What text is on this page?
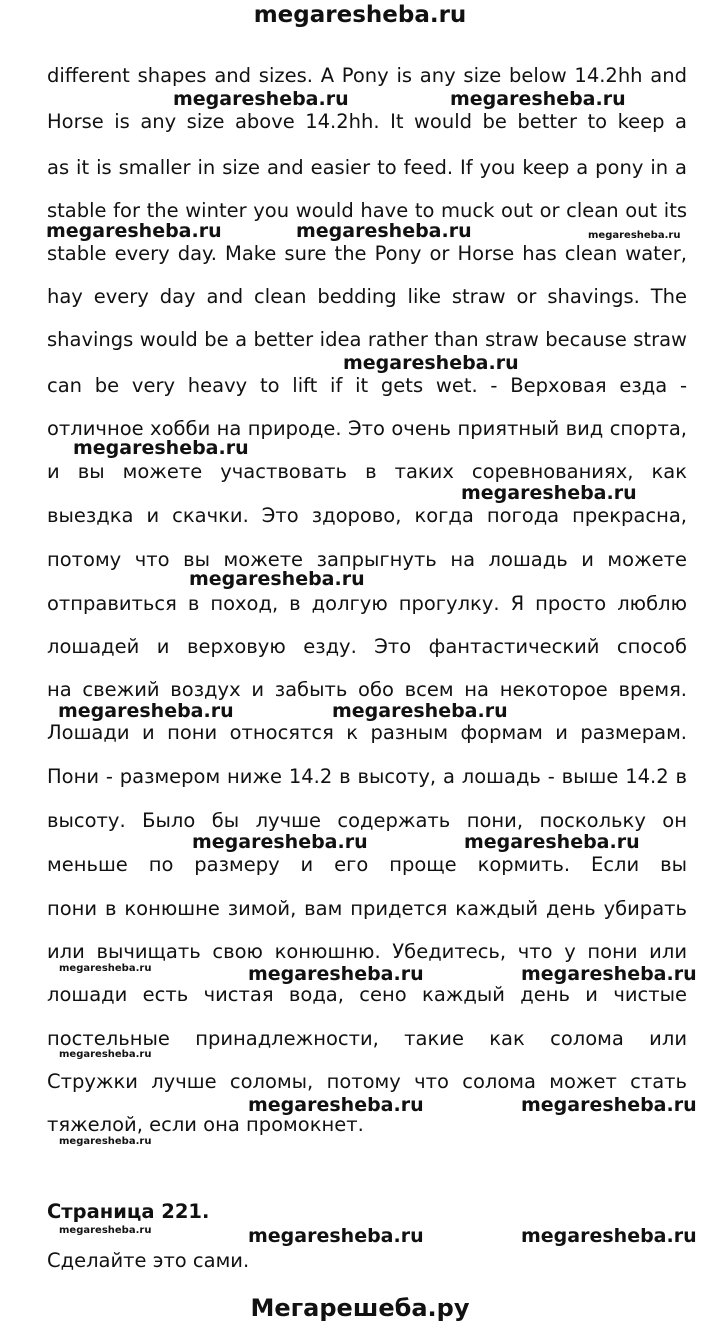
megaresheba.ru
different shapes and sizes. A Pony is any size below 14.2hh and
Horse is any size above 14.2hh. It would be better to keep a
as it is smaller in size and easier to feed. If you keep a pony in a
stable for the winter you would have to muck out or clean out its
stable every day. Make sure the Pony or Horse has clean water,
hay every day and clean bedding like straw or shavings. The
shavings would be a better idea rather than straw because straw
can be very heavy to lift if it gets wet. - Верховая езда -
отличное хобби на природе. Это очень приятный вид спорта,
и вы можете участвовать в таких соревнованиях, как
выездка и скачки. Это здорово, когда погода прекрасна,
потому что вы можете запрыгнуть на лошадь и можете
отправиться в поход, в долгую прогулку. Я просто люблю
лошадей и верховую езду. Это фантастический способ
на свежий воздух и забыть обо всем на некоторое время.
Лошади и пони относятся к разным формам и размерам.
Пони - размером ниже 14.2 в высоту, а лошадь - выше 14.2 в
высоту. Было бы лучше содержать пони, поскольку он
меньше по размеру и его проще кормить. Если вы
пони в конюшне зимой, вам придется каждый день убирать
или вычищать свою конюшню. Убедитесь, что у пони или
лошади есть чистая вода, сено каждый день и чистые
постельные принадлежности, такие как солома или
Стружки лучше соломы, потому что солома может стать
тяжелой, если она промокнет.
Страница 221.
Сделайте это сами.
megaresheba.ru	megaresheba.ru
megaresheba.ru	megaresheba.ru	megaresheba.ru
megaresheba.ru
megaresheba.ru
megaresheba.ru
megaresheba.ru
megaresheba.ru	megaresheba.ru
megaresheba.ru	megaresheba.ru
megaresheba.ru	megaresheba.ru	megaresheba.ru
megaresheba.ru
megaresheba.ru	megaresheba.ru
megaresheba.ru
megaresheba.ru	megaresheba.ru	megaresheba.ru
Мегарешеба.ру
